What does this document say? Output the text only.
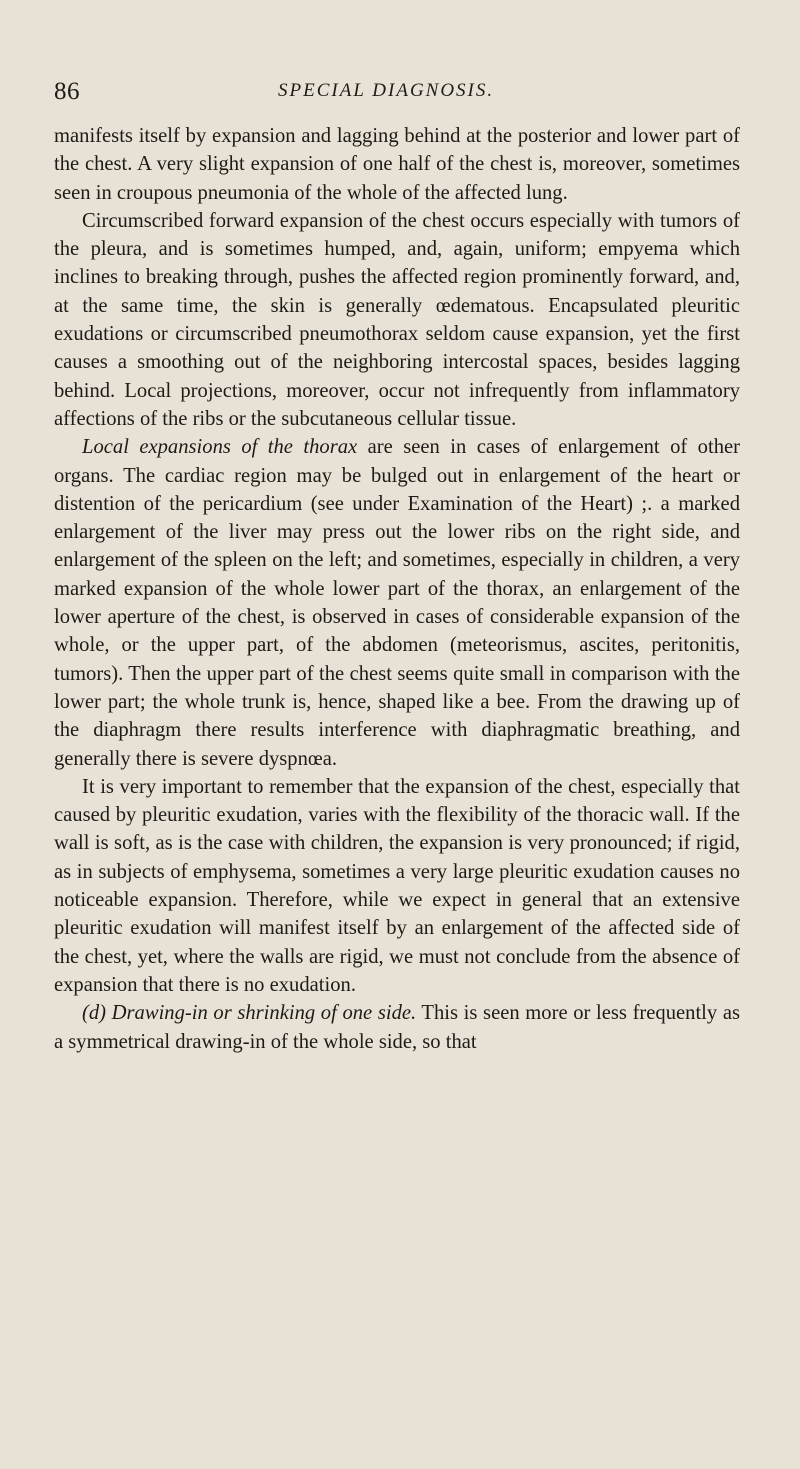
86	SPECIAL DIAGNOSIS.

manifests itself by expansion and lagging behind at the posterior and lower part of the chest. A very slight expansion of one half of the chest is, moreover, sometimes seen in croupous pneumonia of the whole of the affected lung.

Circumscribed forward expansion of the chest occurs especially with tumors of the pleura, and is sometimes humped, and, again, uniform; empyema which inclines to breaking through, pushes the affected region prominently forward, and, at the same time, the skin is generally œdematous. Encapsulated pleuritic exudations or circumscribed pneumothorax seldom cause expansion, yet the first causes a smoothing out of the neighboring intercostal spaces, besides lagging behind. Local projections, moreover, occur not infrequently from inflammatory affections of the ribs or the subcutaneous cellular tissue.

Local expansions of the thorax are seen in cases of enlargement of other organs. The cardiac region may be bulged out in enlargement of the heart or distention of the pericardium (see under Examination of the Heart) ;. a marked enlargement of the liver may press out the lower ribs on the right side, and enlargement of the spleen on the left; and sometimes, especially in children, a very marked expansion of the whole lower part of the thorax, an enlargement of the lower aperture of the chest, is observed in cases of considerable expansion of the whole, or the upper part, of the abdomen (meteorismus, ascites, peritonitis, tumors). Then the upper part of the chest seems quite small in comparison with the lower part; the whole trunk is, hence, shaped like a bee. From the drawing up of the diaphragm there results interference with diaphragmatic breathing, and generally there is severe dyspnœa.

It is very important to remember that the expansion of the chest, especially that caused by pleuritic exudation, varies with the flexibility of the thoracic wall. If the wall is soft, as is the case with children, the expansion is very pronounced; if rigid, as in subjects of emphysema, sometimes a very large pleuritic exudation causes no noticeable expansion. Therefore, while we expect in general that an extensive pleuritic exudation will manifest itself by an enlargement of the affected side of the chest, yet, where the walls are rigid, we must not conclude from the absence of expansion that there is no exudation.

(d) Drawing-in or shrinking of one side. This is seen more or less frequently as a symmetrical drawing-in of the whole side, so that
